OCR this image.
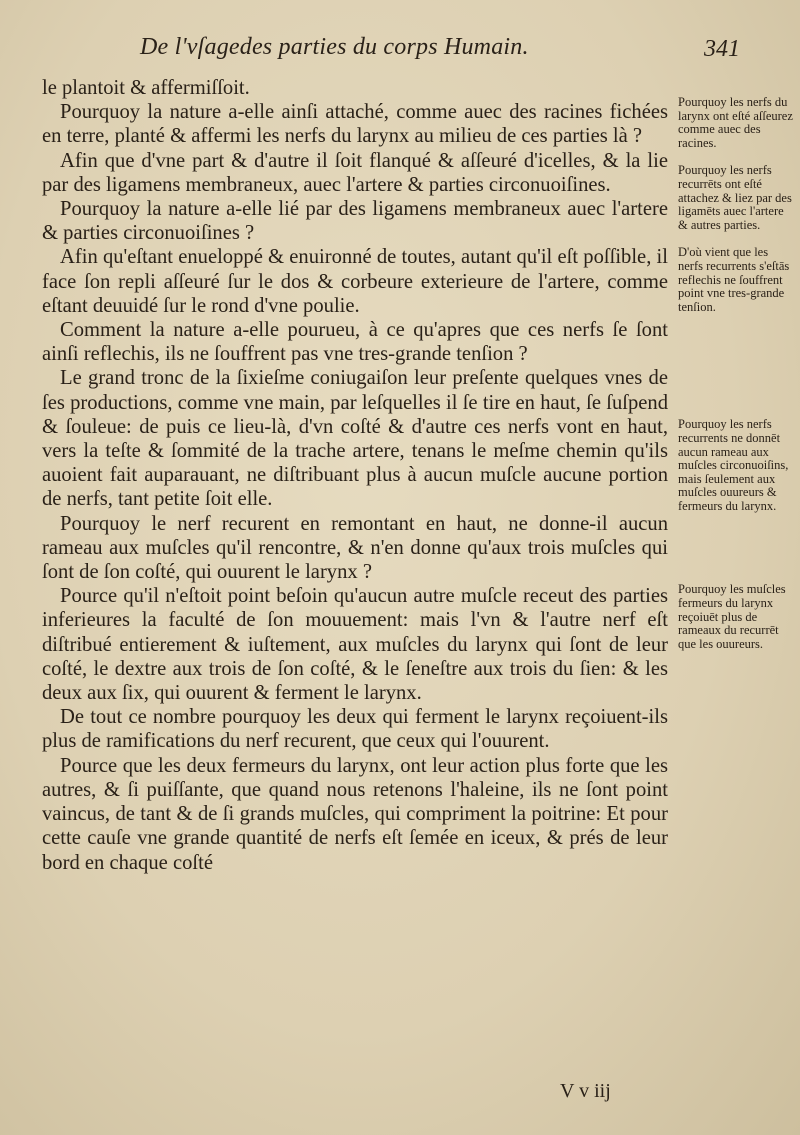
De l'vſagedes parties du corps Humain.	341

le plantoit & affermiſſoit.

Pourquoy la nature a-elle ainſi attaché, comme auec des racines fichées en terre, planté & affermi les nerfs du larynx au milieu de ces parties là ?

Afin que d'vne part & d'autre il ſoit flanqué & aſſeuré d'icelles, & la lie par des ligamens membraneux, auec l'artere & parties circonuoiſines.

Pourquoy la nature a-elle lié par des ligamens membraneux auec l'artere & parties circonuoiſines ?

Afin qu'eſtant enueloppé & enuironné de toutes, autant qu'il eſt poſſible, il face ſon repli aſſeuré ſur le dos & corbeure exterieure de l'artere, comme eſtant deuuidé ſur le rond d'vne poulie.

Comment la nature a-elle pourueu, à ce qu'apres que ces nerfs ſe ſont ainſi reflechis, ils ne ſouffrent pas vne tres-grande tenſion ?

Le grand tronc de la ſixieſme coniugaiſon leur preſente quelques vnes de ſes productions, comme vne main, par leſquelles il ſe tire en haut, ſe ſuſpend & ſouleue: de puis ce lieu-là, d'vn coſté & d'autre ces nerfs vont en haut, vers la teſte & ſommité de la trache artere, tenans le meſme chemin qu'ils auoient fait auparauant, ne diſtribuant plus à aucun muſcle aucune portion de nerfs, tant petite ſoit elle.

Pourquoy le nerf recurent en remontant en haut, ne donne-il aucun rameau aux muſcles qu'il rencontre, & n'en donne qu'aux trois muſcles qui ſont de ſon coſté, qui ouurent le larynx ?

Pource qu'il n'eſtoit point beſoin qu'aucun autre muſcle receut des parties inferieures la faculté de ſon mouuement: mais l'vn & l'autre nerf eſt diſtribué entierement & iuſtement, aux muſcles du larynx qui ſont de leur coſté, le dextre aux trois de ſon coſté, & le ſeneſtre aux trois du ſien: & les deux aux ſix, qui ouurent & ferment le larynx.

De tout ce nombre pourquoy les deux qui ferment le larynx reçoiuent-ils plus de ramifications du nerf recurent, que ceux qui l'ouurent.

Pource que les deux fermeurs du larynx, ont leur action plus forte que les autres, & ſi puiſſante, que quand nous retenons l'haleine, ils ne ſont point vaincus, de tant & de ſi grands muſcles, qui compriment la poitrine: Et pour cette cauſe vne grande quantité de nerfs eſt ſemée en iceux, & prés de leur bord en chaque coſté

Pourquoy les nerfs du larynx ont eſté aſſeurez comme auec des racines.

Pourquoy les nerfs recurrēts ont eſté attachez & liez par des ligamēts auec l'artere & autres parties.

D'où vient que les nerfs recurrents s'eſtās reflechis ne ſouffrent point vne tres-grande tenſion.

Pourquoy les nerfs recurrents ne donnēt aucun rameau aux muſcles circonuoiſins, mais ſeulement aux muſcles ouureurs & fermeurs du larynx.

Pourquoy les muſcles fermeurs du larynx reçoiuēt plus de rameaux du recurrēt que les ouureurs.

V v iij
